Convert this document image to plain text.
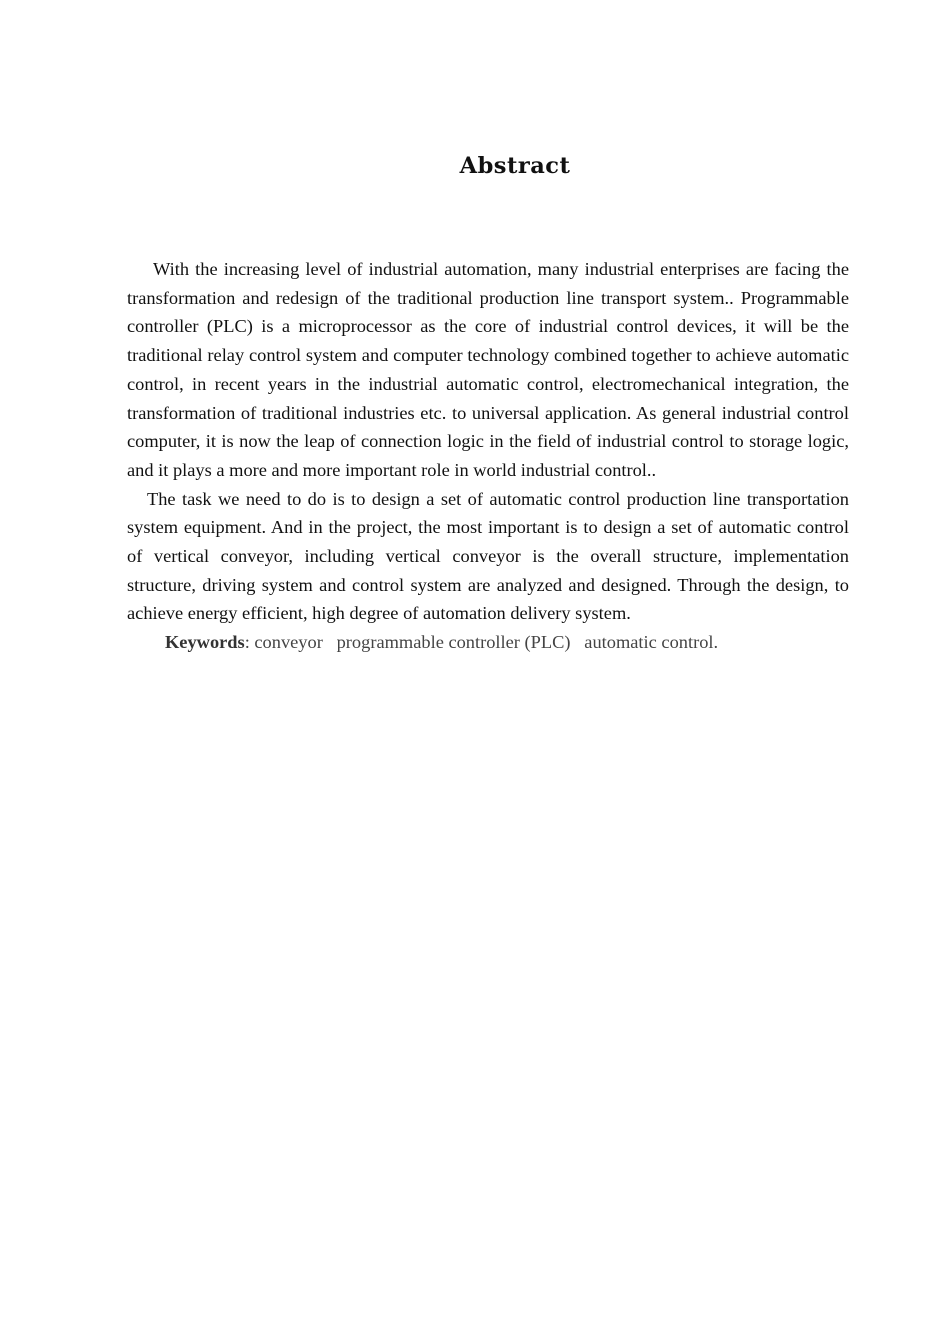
Abstract

With the increasing level of industrial automation, many industrial enterprises are facing the transformation and redesign of the traditional production line transport system.. Programmable controller (PLC) is a microprocessor as the core of industrial control devices, it will be the traditional relay control system and computer technology combined together to achieve automatic control, in recent years in the industrial automatic control, electromechanical integration, the transformation of traditional industries etc. to universal application. As general industrial control computer, it is now the leap of connection logic in the field of industrial control to storage logic, and it plays a more and more important role in world industrial control..

The task we need to do is to design a set of automatic control production line transportation system equipment. And in the project, the most important is to design a set of automatic control of vertical conveyor, including vertical conveyor is the overall structure, implementation structure, driving system and control system are analyzed and designed. Through the design, to achieve energy efficient, high degree of automation delivery system.

Keywords: conveyor   programmable controller (PLC)   automatic control.
